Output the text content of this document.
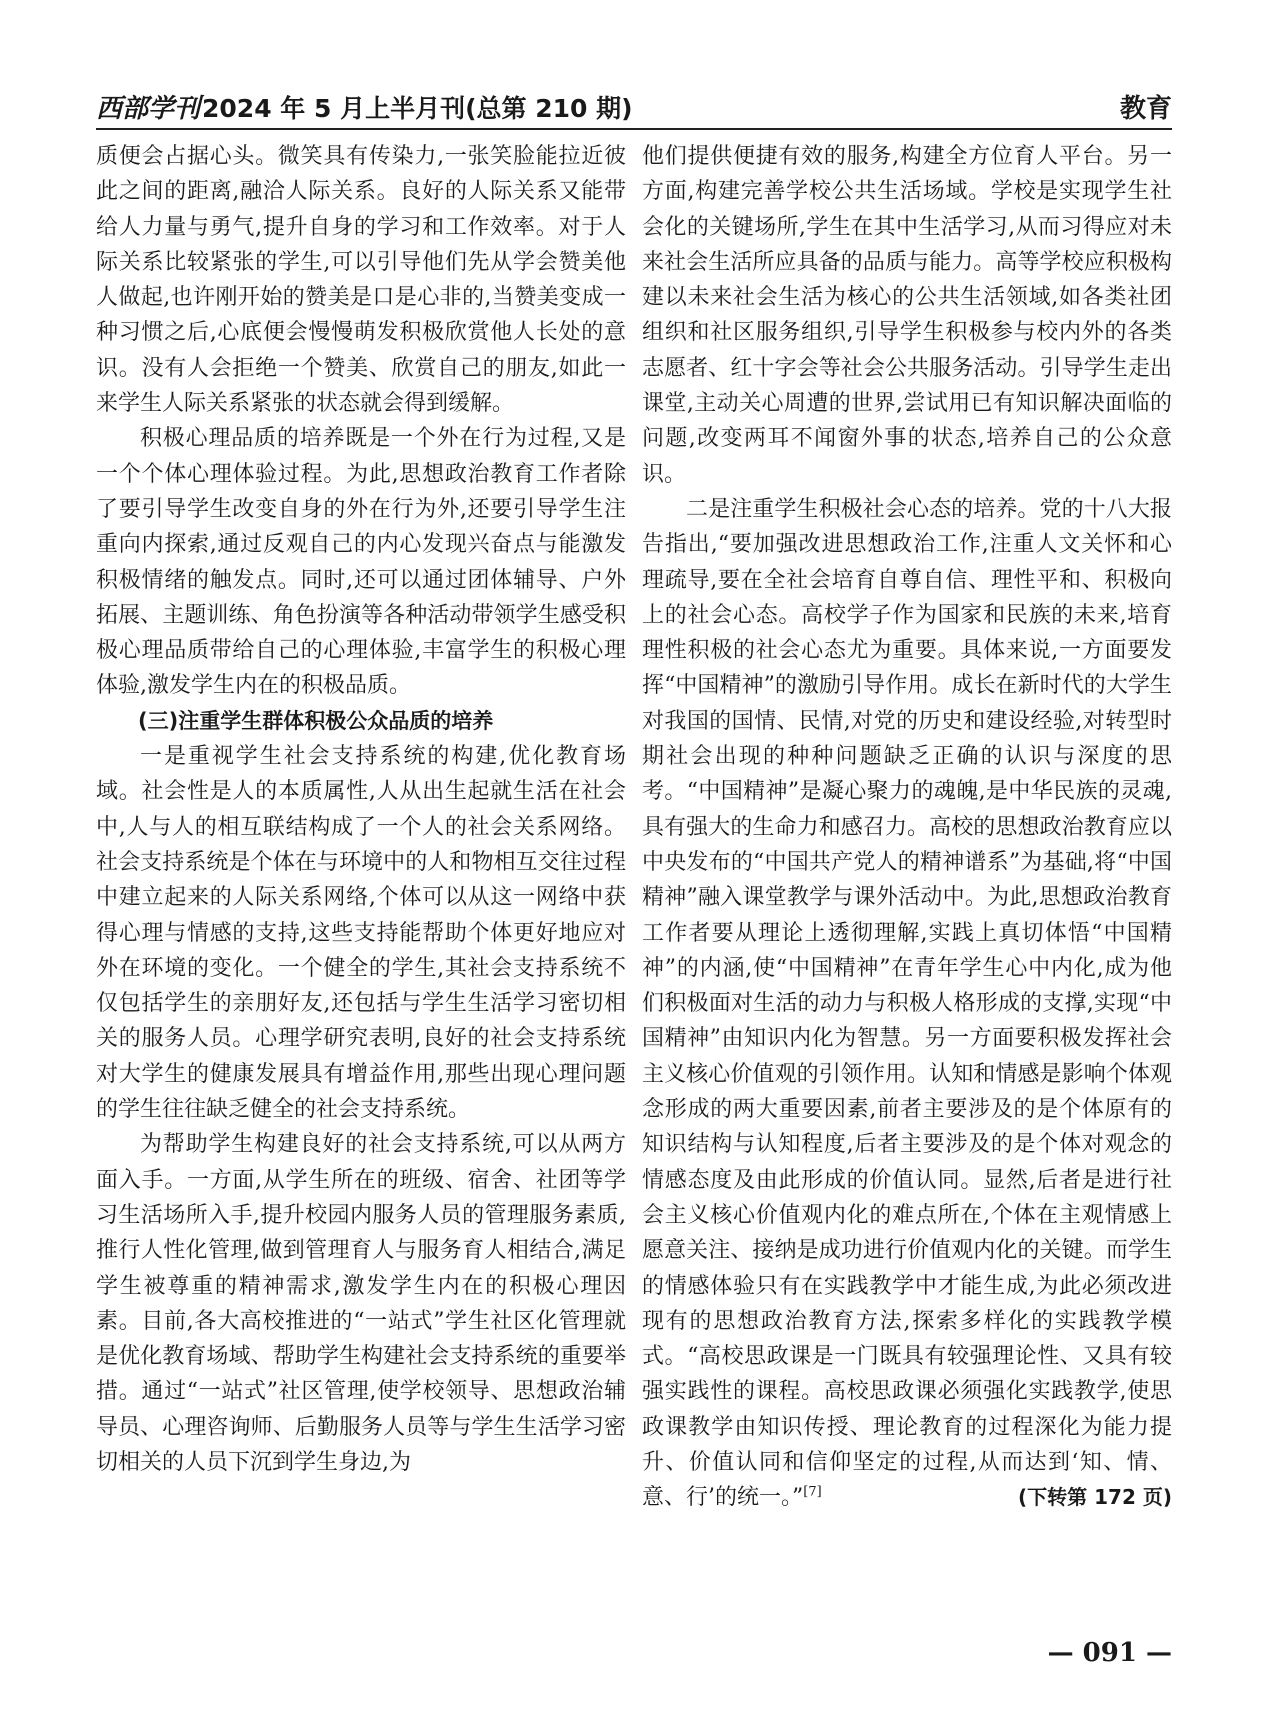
西部学刊2024 年 5 月上半月刊(总第 210 期)	教育

质便会占据心头。微笑具有传染力,一张笑脸能拉近彼此之间的距离,融洽人际关系。良好的人际关系又能带给人力量与勇气,提升自身的学习和工作效率。对于人际关系比较紧张的学生,可以引导他们先从学会赞美他人做起,也许刚开始的赞美是口是心非的,当赞美变成一种习惯之后,心底便会慢慢萌发积极欣赏他人长处的意识。没有人会拒绝一个赞美、欣赏自己的朋友,如此一来学生人际关系紧张的状态就会得到缓解。

积极心理品质的培养既是一个外在行为过程,又是一个个体心理体验过程。为此,思想政治教育工作者除了要引导学生改变自身的外在行为外,还要引导学生注重向内探索,通过反观自己的内心发现兴奋点与能激发积极情绪的触发点。同时,还可以通过团体辅导、户外拓展、主题训练、角色扮演等各种活动带领学生感受积极心理品质带给自己的心理体验,丰富学生的积极心理体验,激发学生内在的积极品质。

(三)注重学生群体积极公众品质的培养

一是重视学生社会支持系统的构建,优化教育场域。社会性是人的本质属性,人从出生起就生活在社会中,人与人的相互联结构成了一个人的社会关系网络。社会支持系统是个体在与环境中的人和物相互交往过程中建立起来的人际关系网络,个体可以从这一网络中获得心理与情感的支持,这些支持能帮助个体更好地应对外在环境的变化。一个健全的学生,其社会支持系统不仅包括学生的亲朋好友,还包括与学生生活学习密切相关的服务人员。心理学研究表明,良好的社会支持系统对大学生的健康发展具有增益作用,那些出现心理问题的学生往往缺乏健全的社会支持系统。

为帮助学生构建良好的社会支持系统,可以从两方面入手。一方面,从学生所在的班级、宿舍、社团等学习生活场所入手,提升校园内服务人员的管理服务素质,推行人性化管理,做到管理育人与服务育人相结合,满足学生被尊重的精神需求,激发学生内在的积极心理因素。目前,各大高校推进的“一站式”学生社区化管理就是优化教育场域、帮助学生构建社会支持系统的重要举措。通过“一站式”社区管理,使学校领导、思想政治辅导员、心理咨询师、后勤服务人员等与学生生活学习密切相关的人员下沉到学生身边,为

他们提供便捷有效的服务,构建全方位育人平台。另一方面,构建完善学校公共生活场域。学校是实现学生社会化的关键场所,学生在其中生活学习,从而习得应对未来社会生活所应具备的品质与能力。高等学校应积极构建以未来社会生活为核心的公共生活领域,如各类社团组织和社区服务组织,引导学生积极参与校内外的各类志愿者、红十字会等社会公共服务活动。引导学生走出课堂,主动关心周遭的世界,尝试用已有知识解决面临的问题,改变两耳不闻窗外事的状态,培养自己的公众意识。

二是注重学生积极社会心态的培养。党的十八大报告指出,“要加强改进思想政治工作,注重人文关怀和心理疏导,要在全社会培育自尊自信、理性平和、积极向上的社会心态。高校学子作为国家和民族的未来,培育理性积极的社会心态尤为重要。具体来说,一方面要发挥“中国精神”的激励引导作用。成长在新时代的大学生对我国的国情、民情,对党的历史和建设经验,对转型时期社会出现的种种问题缺乏正确的认识与深度的思考。“中国精神”是凝心聚力的魂魄,是中华民族的灵魂,具有强大的生命力和感召力。高校的思想政治教育应以中央发布的“中国共产党人的精神谱系”为基础,将“中国精神”融入课堂教学与课外活动中。为此,思想政治教育工作者要从理论上透彻理解,实践上真切体悟“中国精神”的内涵,使“中国精神”在青年学生心中内化,成为他们积极面对生活的动力与积极人格形成的支撑,实现“中国精神”由知识内化为智慧。另一方面要积极发挥社会主义核心价值观的引领作用。认知和情感是影响个体观念形成的两大重要因素,前者主要涉及的是个体原有的知识结构与认知程度,后者主要涉及的是个体对观念的情感态度及由此形成的价值认同。显然,后者是进行社会主义核心价值观内化的难点所在,个体在主观情感上愿意关注、接纳是成功进行价值观内化的关键。而学生的情感体验只有在实践教学中才能生成,为此必须改进现有的思想政治教育方法,探索多样化的实践教学模式。“高校思政课是一门既具有较强理论性、又具有较强实践性的课程。高校思政课必须强化实践教学,使思政课教学由知识传授、理论教育的过程深化为能力提升、价值认同和信仰坚定的过程,从而达到‘知、情、意、行’的统一。”[7]	(下转第 172 页)

— 091 —
